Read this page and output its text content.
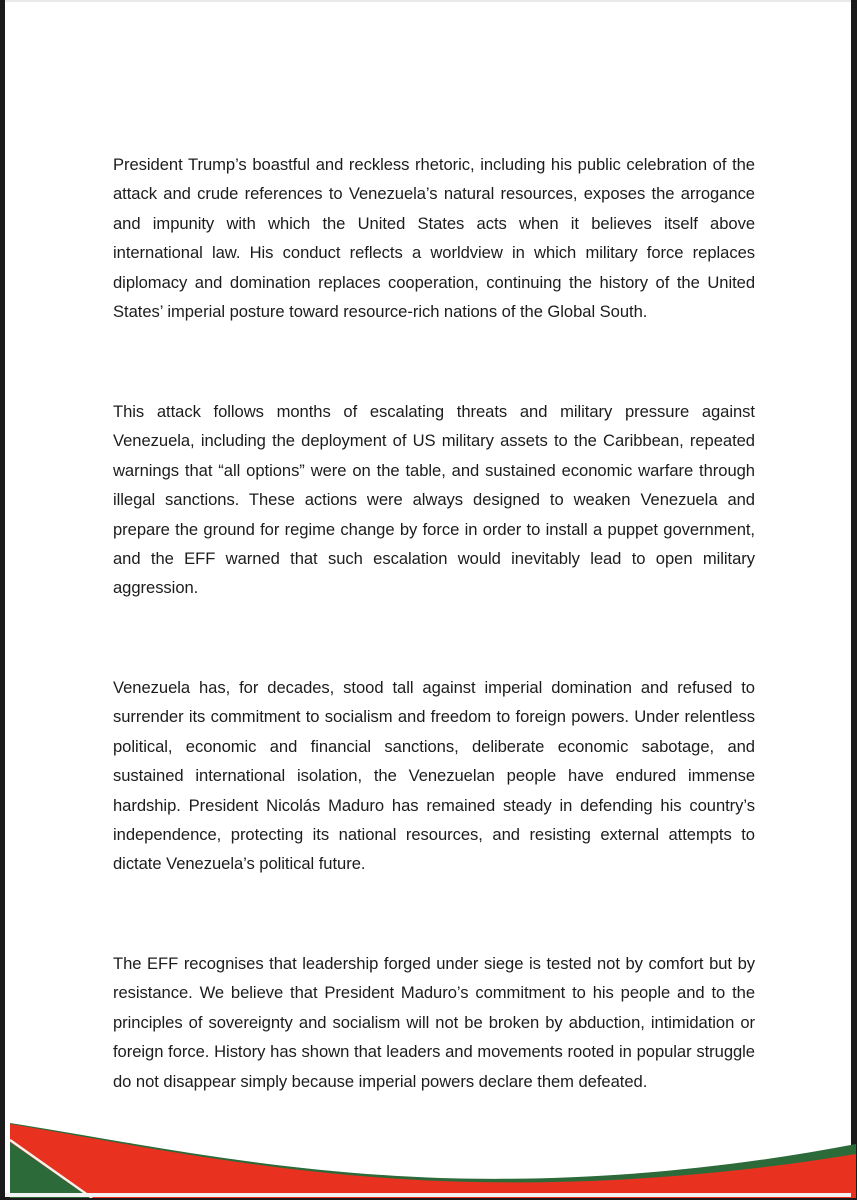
President Trump’s boastful and reckless rhetoric, including his public celebration of the attack and crude references to Venezuela’s natural resources, exposes the arrogance and impunity with which the United States acts when it believes itself above international law. His conduct reflects a worldview in which military force replaces diplomacy and domination replaces cooperation, continuing the history of the United States’ imperial posture toward resource-rich nations of the Global South.

This attack follows months of escalating threats and military pressure against Venezuela, including the deployment of US military assets to the Caribbean, repeated warnings that “all options” were on the table, and sustained economic warfare through illegal sanctions. These actions were always designed to weaken Venezuela and prepare the ground for regime change by force in order to install a puppet government, and the EFF warned that such escalation would inevitably lead to open military aggression.

Venezuela has, for decades, stood tall against imperial domination and refused to surrender its commitment to socialism and freedom to foreign powers. Under relentless political, economic and financial sanctions, deliberate economic sabotage, and sustained international isolation, the Venezuelan people have endured immense hardship. President Nicolás Maduro has remained steady in defending his country’s independence, protecting its national resources, and resisting external attempts to dictate Venezuela’s political future.

The EFF recognises that leadership forged under siege is tested not by comfort but by resistance. We believe that President Maduro’s commitment to his people and to the principles of sovereignty and socialism will not be broken by abduction, intimidation or foreign force. History has shown that leaders and movements rooted in popular struggle do not disappear simply because imperial powers declare them defeated.
